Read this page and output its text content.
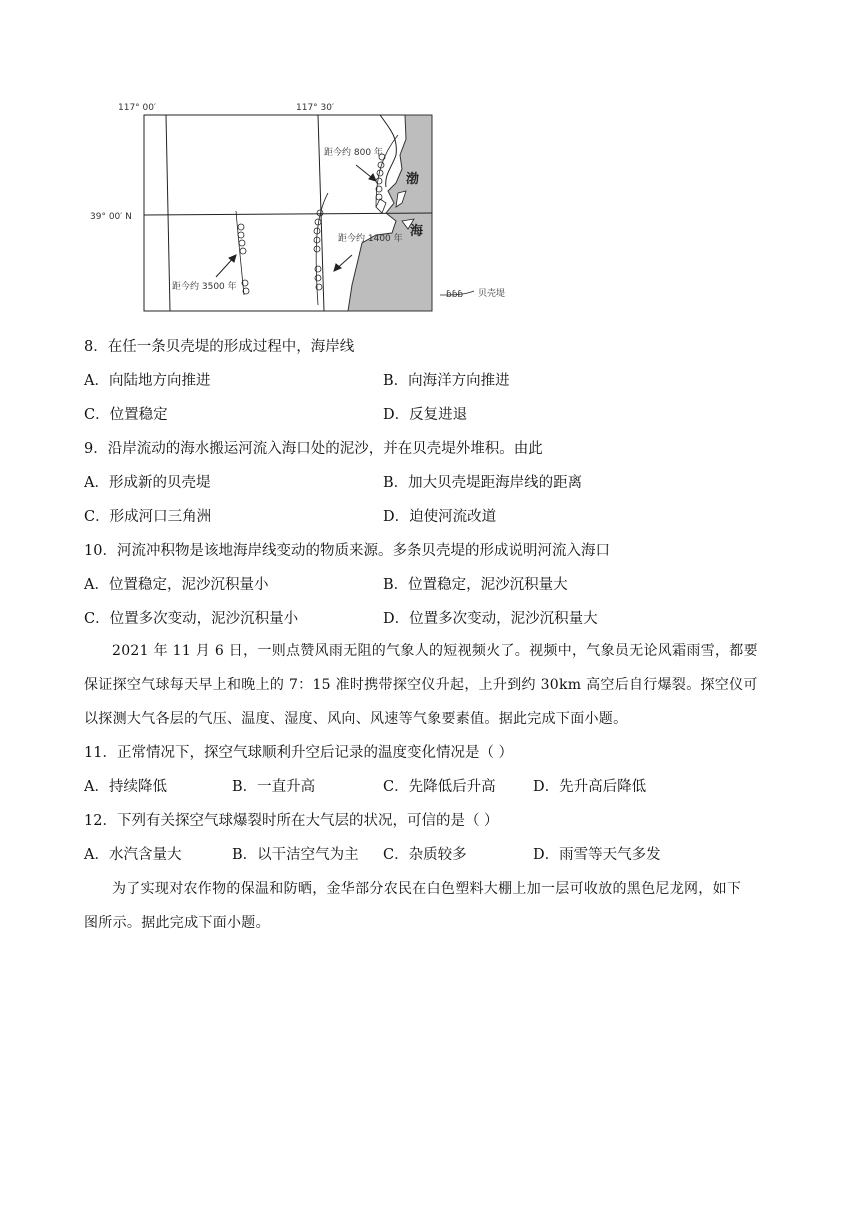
117° 00′	117° 30′
39° 00′ N
距今约 800 年
距今约 1400 年
距今约 3500 年
渤
海
ɓɓɓ 贝壳堤
8．在任一条贝壳堤的形成过程中，海岸线
A．向陆地方向推进	B．向海洋方向推进
C．位置稳定	D．反复进退
9．沿岸流动的海水搬运河流入海口处的泥沙，并在贝壳堤外堆积。由此
A．形成新的贝壳堤	B．加大贝壳堤距海岸线的距离
C．形成河口三角洲	D．迫使河流改道
10．河流冲积物是该地海岸线变动的物质来源。多条贝壳堤的形成说明河流入海口
A．位置稳定，泥沙沉积量小	B．位置稳定，泥沙沉积量大
C．位置多次变动，泥沙沉积量小	D．位置多次变动，泥沙沉积量大
2021 年 11 月 6 日，一则点赞风雨无阻的气象人的短视频火了。视频中，气象员无论风霜雨雪，都要
保证探空气球每天早上和晚上的 7：15 准时携带探空仪升起，上升到约 30km 高空后自行爆裂。探空仪可
以探测大气各层的气压、温度、湿度、风向、风速等气象要素值。据此完成下面小题。
11．正常情况下，探空气球顺利升空后记录的温度变化情况是（ ）
A．持续降低	B．一直升高	C．先降低后升高	D．先升高后降低
12．下列有关探空气球爆裂时所在大气层的状况，可信的是（ ）
A．水汽含量大	B．以干洁空气为主 C．杂质较多	D．雨雪等天气多发
为了实现对农作物的保温和防晒，金华部分农民在白色塑料大棚上加一层可收放的黑色尼龙网，如下
图所示。据此完成下面小题。
